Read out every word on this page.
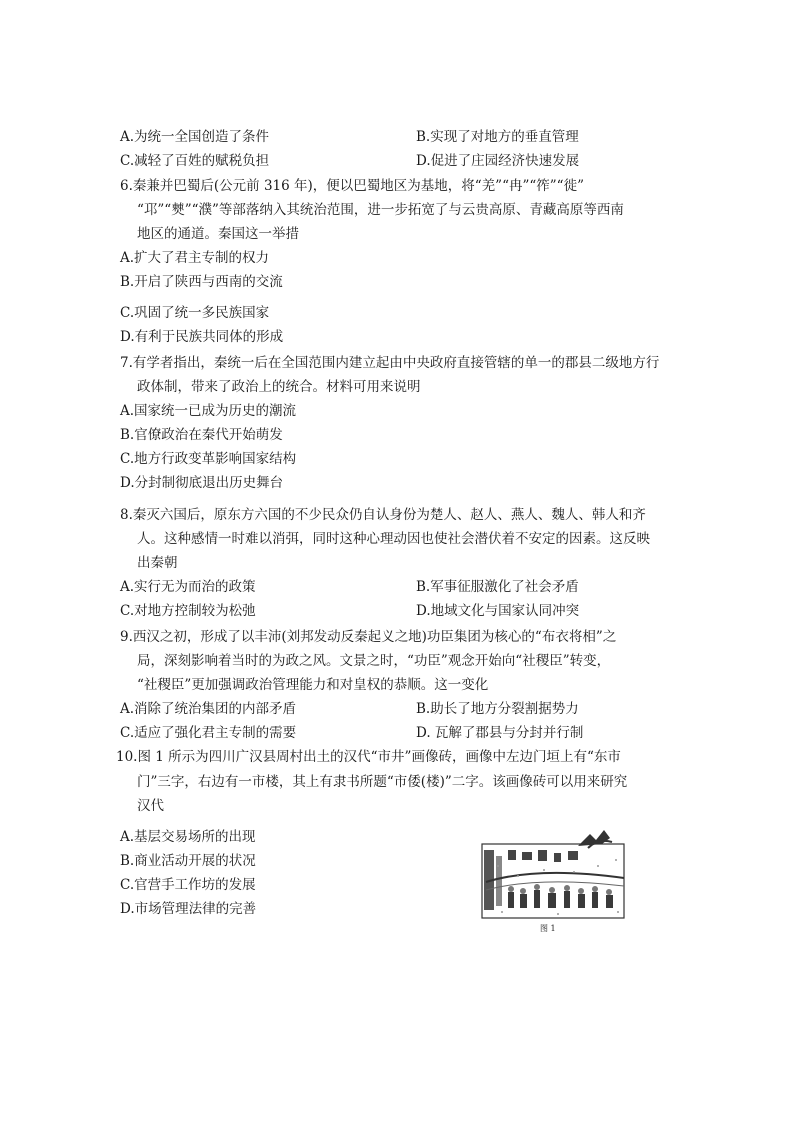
A.为统一全国创造了条件	B.实现了对地方的垂直管理
C.减轻了百姓的赋税负担	D.促进了庄园经济快速发展
6.秦兼并巴蜀后(公元前 316 年)，便以巴蜀地区为基地，将“羌”“冉”“筰”“徙”
“邛”“僰”“濮”等部落纳入其统治范围，进一步拓宽了与云贵高原、青藏高原等西南
地区的通道。秦国这一举措
A.扩大了君主专制的权力
B.开启了陕西与西南的交流
C.巩固了统一多民族国家
D.有利于民族共同体的形成
7.有学者指出，秦统一后在全国范围内建立起由中央政府直接管辖的单一的郡县二级地方行
政体制，带来了政治上的统合。材料可用来说明
A.国家统一已成为历史的潮流
B.官僚政治在秦代开始萌发
C.地方行政变革影响国家结构
D.分封制彻底退出历史舞台
8.秦灭六国后，原东方六国的不少民众仍自认身份为楚人、赵人、燕人、魏人、韩人和齐
人。这种感情一时难以消弭，同时这种心理动因也使社会潜伏着不安定的因素。这反映
出秦朝
A.实行无为而治的政策	B.军事征服激化了社会矛盾
C.对地方控制较为松弛	D.地域文化与国家认同冲突
9.西汉之初，形成了以丰沛(刘邦发动反秦起义之地)功臣集团为核心的“布衣将相”之
局，深刻影响着当时的为政之风。文景之时，“功臣”观念开始向“社稷臣”转变，
“社稷臣”更加强调政治管理能力和对皇权的恭顺。这一变化
A.消除了统治集团的内部矛盾	B.助长了地方分裂割据势力
C.适应了强化君主专制的需要	D. 瓦解了郡县与分封并行制
10.图 1 所示为四川广汉县周村出土的汉代“市井”画像砖，画像中左边门垣上有“东市
门”三字，右边有一市楼，其上有隶书所题“市倭(楼)”二字。该画像砖可以用来研究
汉代
A.基层交易场所的出现
B.商业活动开展的状况
C.官营手工作坊的发展
D.市场管理法律的完善
图 1
